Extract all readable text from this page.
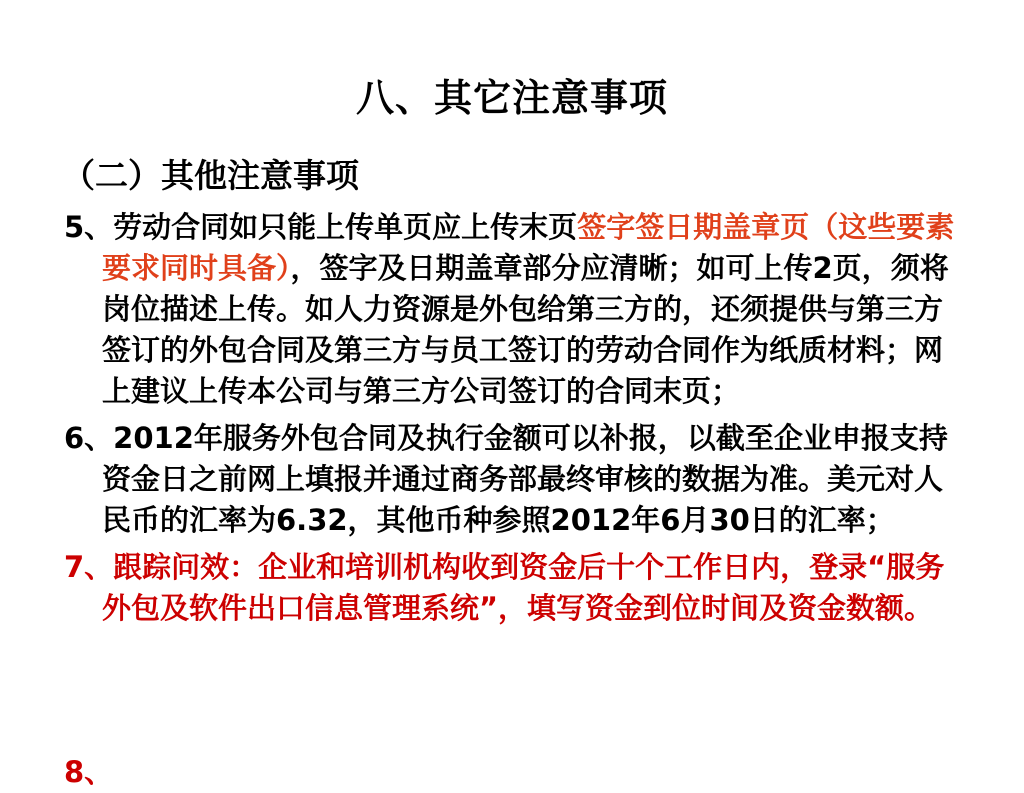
八、其它注意事项
（二）其他注意事项
5、劳动合同如只能上传单页应上传末页签字签日期盖章页（这些要素要求同时具备），签字及日期盖章部分应清晰；如可上传2页，须将岗位描述上传。如人力资源是外包给第三方的，还须提供与第三方签订的外包合同及第三方与员工签订的劳动合同作为纸质材料；网上建议上传本公司与第三方公司签订的合同末页；
6、2012年服务外包合同及执行金额可以补报，以截至企业申报支持资金日之前网上填报并通过商务部最终审核的数据为准。美元对人民币的汇率为6.32，其他币种参照2012年6月30日的汇率；
7、跟踪问效：企业和培训机构收到资金后十个工作日内，登录“服务外包及软件出口信息管理系统”，填写资金到位时间及资金数额。
8、
